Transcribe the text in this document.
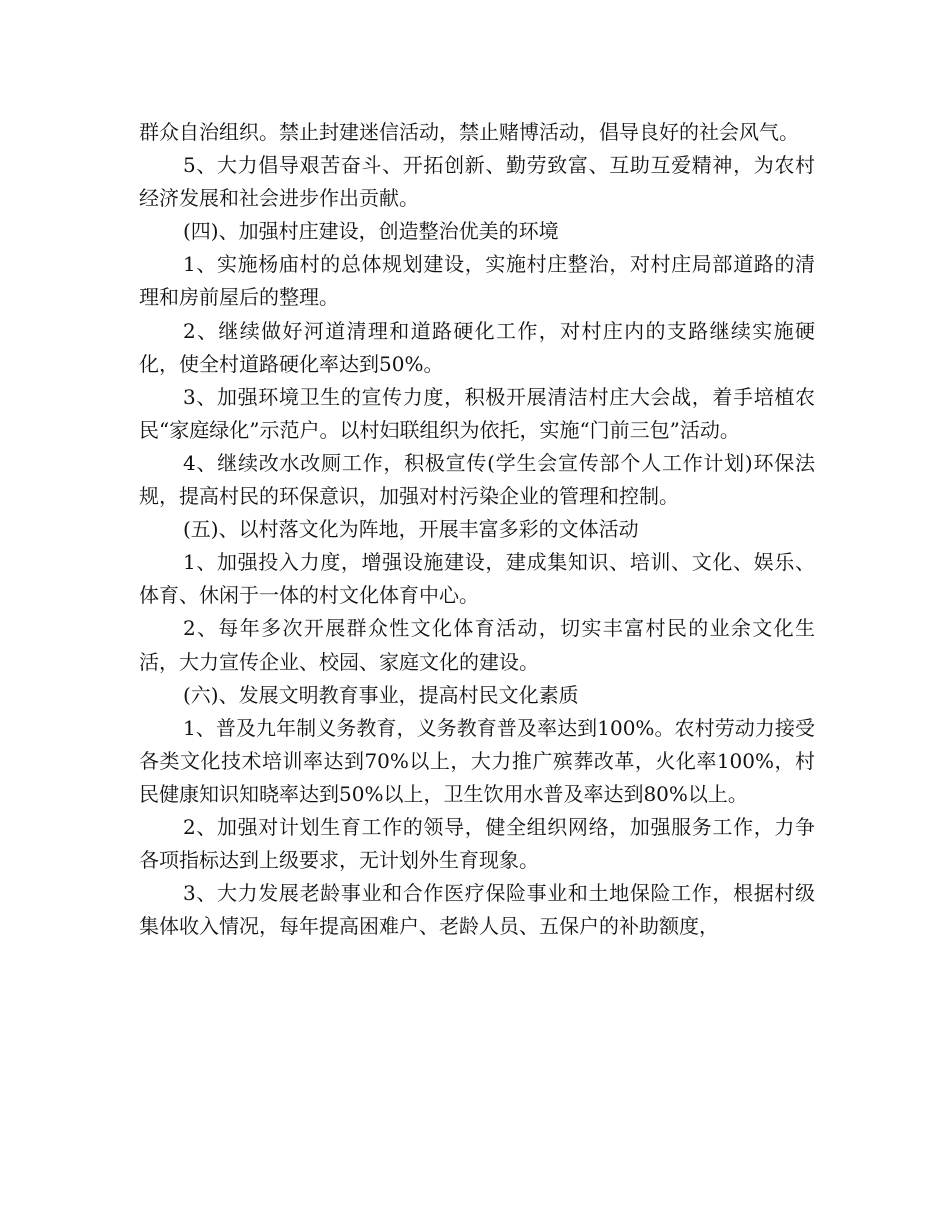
群众自治组织。禁止封建迷信活动，禁止赌博活动，倡导良好的社会风气。

5、大力倡导艰苦奋斗、开拓创新、勤劳致富、互助互爱精神，为农村经济发展和社会进步作出贡献。

(四)、加强村庄建设，创造整治优美的环境

1、实施杨庙村的总体规划建设，实施村庄整治，对村庄局部道路的清理和房前屋后的整理。

2、继续做好河道清理和道路硬化工作，对村庄内的支路继续实施硬化，使全村道路硬化率达到50%。

3、加强环境卫生的宣传力度，积极开展清洁村庄大会战，着手培植农民“家庭绿化”示范户。以村妇联组织为依托，实施“门前三包”活动。

4、继续改水改厕工作，积极宣传(学生会宣传部个人工作计划)环保法规，提高村民的环保意识，加强对村污染企业的管理和控制。

(五)、以村落文化为阵地，开展丰富多彩的文体活动

1、加强投入力度，增强设施建设，建成集知识、培训、文化、娱乐、体育、休闲于一体的村文化体育中心。

2、每年多次开展群众性文化体育活动，切实丰富村民的业余文化生活，大力宣传企业、校园、家庭文化的建设。

(六)、发展文明教育事业，提高村民文化素质

1、普及九年制义务教育，义务教育普及率达到100%。农村劳动力接受各类文化技术培训率达到70%以上，大力推广殡葬改革，火化率100%，村民健康知识知晓率达到50%以上，卫生饮用水普及率达到80%以上。

2、加强对计划生育工作的领导，健全组织网络，加强服务工作，力争各项指标达到上级要求，无计划外生育现象。

3、大力发展老龄事业和合作医疗保险事业和土地保险工作，根据村级集体收入情况，每年提高困难户、老龄人员、五保户的补助额度，
